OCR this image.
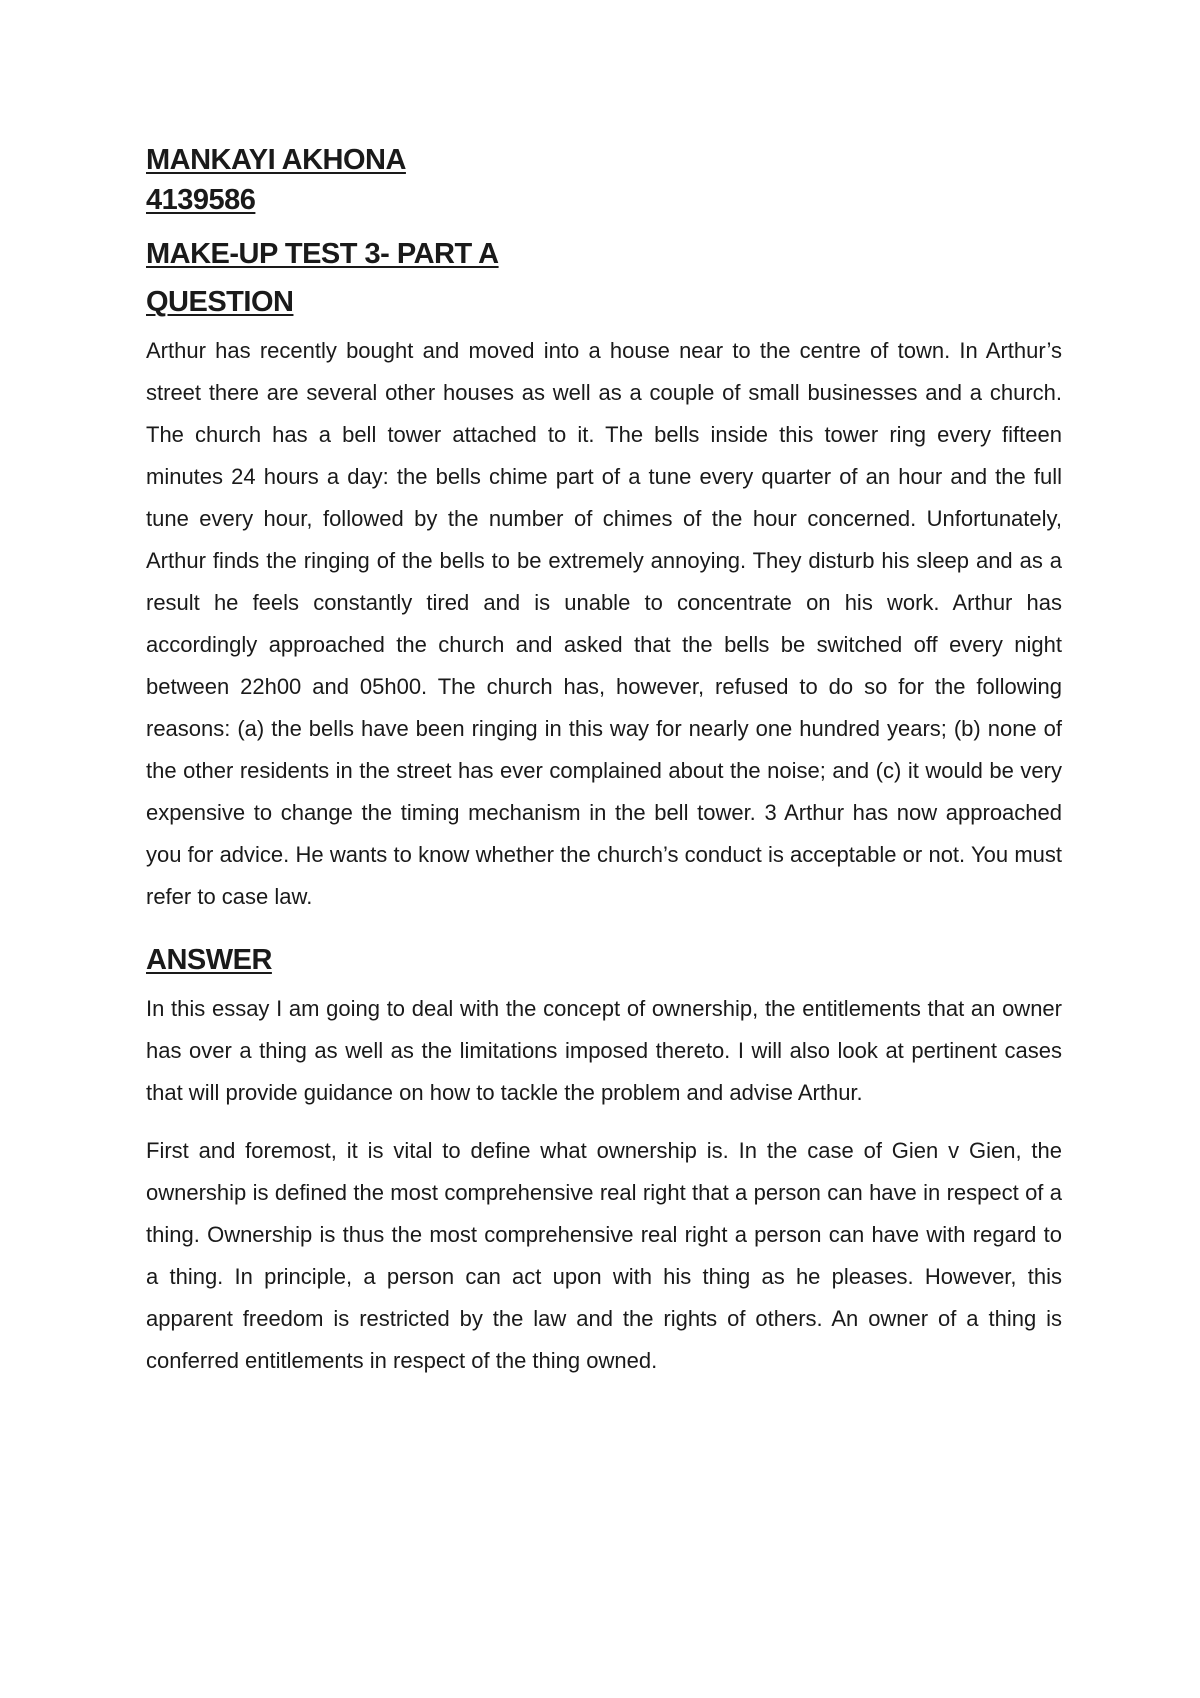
MANKAYI AKHONA

4139586

MAKE-UP TEST 3- PART A

QUESTION

Arthur has recently bought and moved into a house near to the centre of town. In Arthur’s street there are several other houses as well as a couple of small businesses and a church. The church has a bell tower attached to it. The bells inside this tower ring every fifteen minutes 24 hours a day: the bells chime part of a tune every quarter of an hour and the full tune every hour, followed by the number of chimes of the hour concerned. Unfortunately, Arthur finds the ringing of the bells to be extremely annoying. They disturb his sleep and as a result he feels constantly tired and is unable to concentrate on his work. Arthur has accordingly approached the church and asked that the bells be switched off every night between 22h00 and 05h00. The church has, however, refused to do so for the following reasons: (a) the bells have been ringing in this way for nearly one hundred years; (b) none of the other residents in the street has ever complained about the noise; and (c) it would be very expensive to change the timing mechanism in the bell tower. 3 Arthur has now approached you for advice. He wants to know whether the church’s conduct is acceptable or not. You must refer to case law.

ANSWER

In this essay I am going to deal with the concept of ownership, the entitlements that an owner has over a thing as well as the limitations imposed thereto. I will also look at pertinent cases that will provide guidance on how to tackle the problem and advise Arthur.

First and foremost, it is vital to define what ownership is. In the case of Gien v Gien, the ownership is defined the most comprehensive real right that a person can have in respect of a thing. Ownership is thus the most comprehensive real right a person can have with regard to a thing. In principle, a person can act upon with his thing as he pleases. However, this apparent freedom is restricted by the law and the rights of others. An owner of a thing is conferred entitlements in respect of the thing owned.
